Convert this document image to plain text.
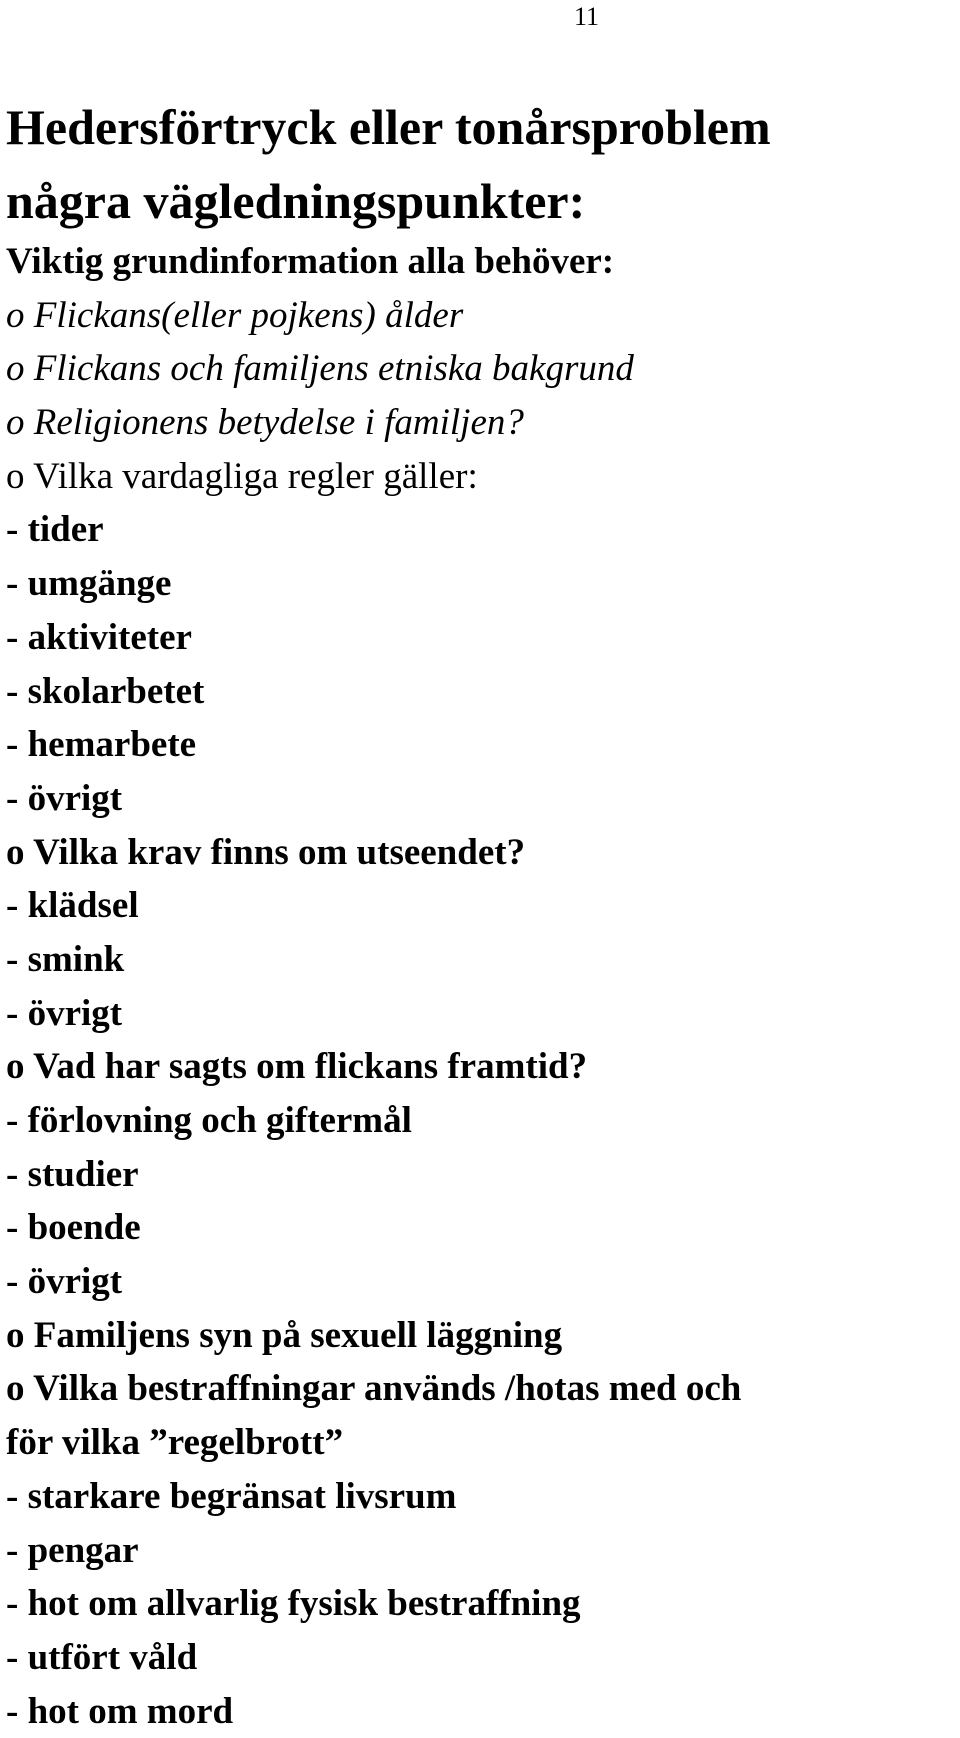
11
Hedersförtryck eller tonårsproblem
några vägledningspunkter:
Viktig grundinformation alla behöver:
o Flickans(eller pojkens) ålder
o Flickans och familjens etniska bakgrund
o Religionens betydelse i familjen?
o Vilka vardagliga regler gäller:
- tider
- umgänge
- aktiviteter
- skolarbetet
- hemarbete
- övrigt
o Vilka krav finns om utseendet?
- klädsel
- smink
- övrigt
o Vad har sagts om flickans framtid?
- förlovning och giftermål
- studier
- boende
- övrigt
o Familjens syn på sexuell läggning
o Vilka bestraffningar används /hotas med och
för vilka ”regelbrott”
- starkare begränsat livsrum
- pengar
- hot om allvarlig fysisk bestraffning
- utfört våld
- hot om mord
